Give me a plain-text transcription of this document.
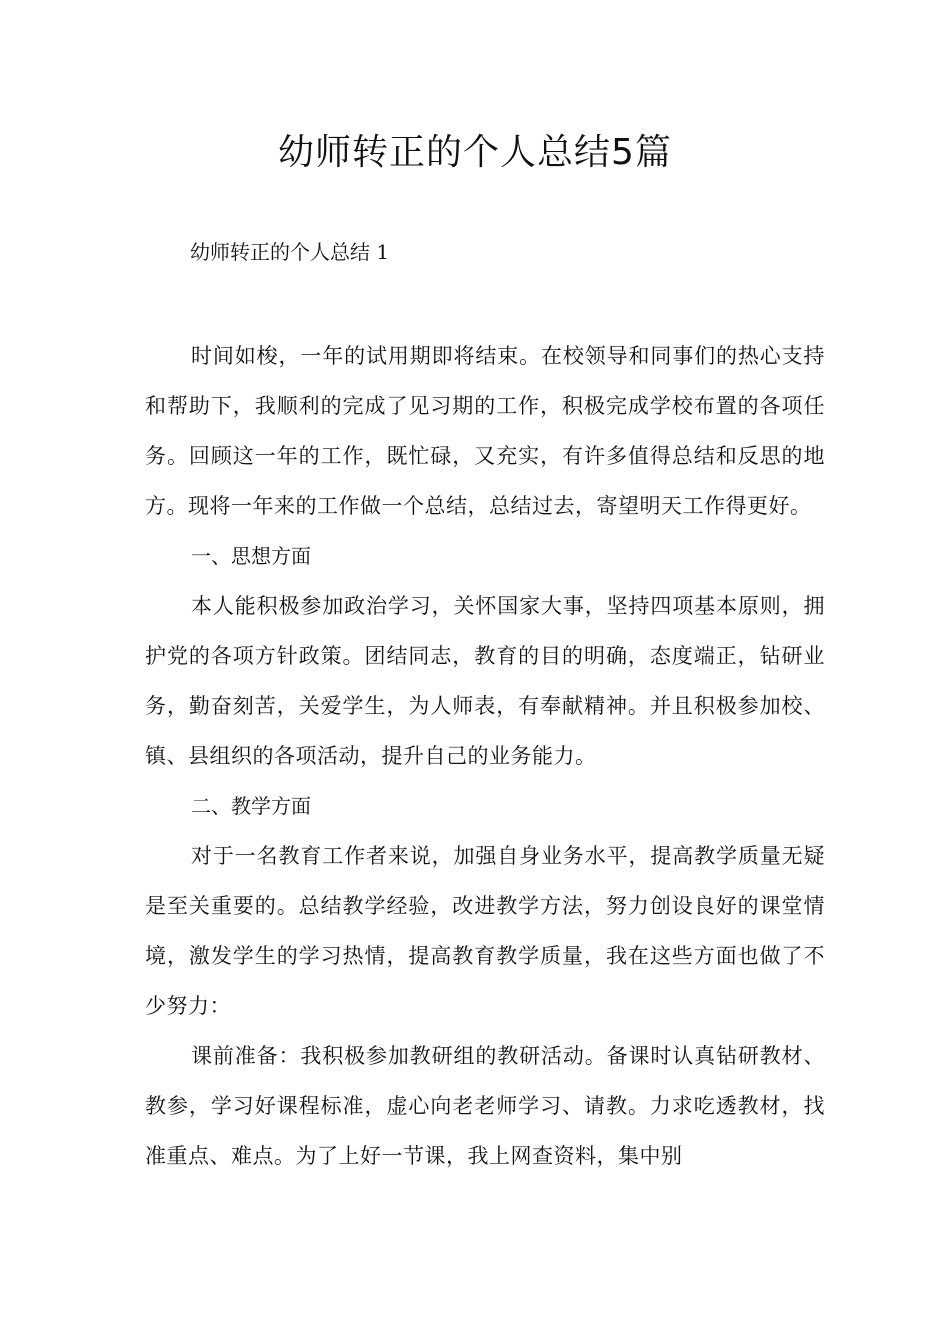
幼师转正的个人总结5篇

幼师转正的个人总结 1

时间如梭，一年的试用期即将结束。在校领导和同事们的热心支持和帮助下，我顺利的完成了见习期的工作，积极完成学校布置的各项任务。回顾这一年的工作，既忙碌，又充实，有许多值得总结和反思的地方。现将一年来的工作做一个总结，总结过去，寄望明天工作得更好。

一、思想方面

本人能积极参加政治学习，关怀国家大事，坚持四项基本原则，拥护党的各项方针政策。团结同志，教育的目的明确，态度端正，钻研业务，勤奋刻苦，关爱学生，为人师表，有奉献精神。并且积极参加校、镇、县组织的各项活动，提升自己的业务能力。

二、教学方面

对于一名教育工作者来说，加强自身业务水平，提高教学质量无疑是至关重要的。总结教学经验，改进教学方法，努力创设良好的课堂情境，激发学生的学习热情，提高教育教学质量，我在这些方面也做了不少努力：

课前准备：我积极参加教研组的教研活动。备课时认真钻研教材、教参，学习好课程标准，虚心向老老师学习、请教。力求吃透教材，找准重点、难点。为了上好一节课，我上网查资料，集中别
